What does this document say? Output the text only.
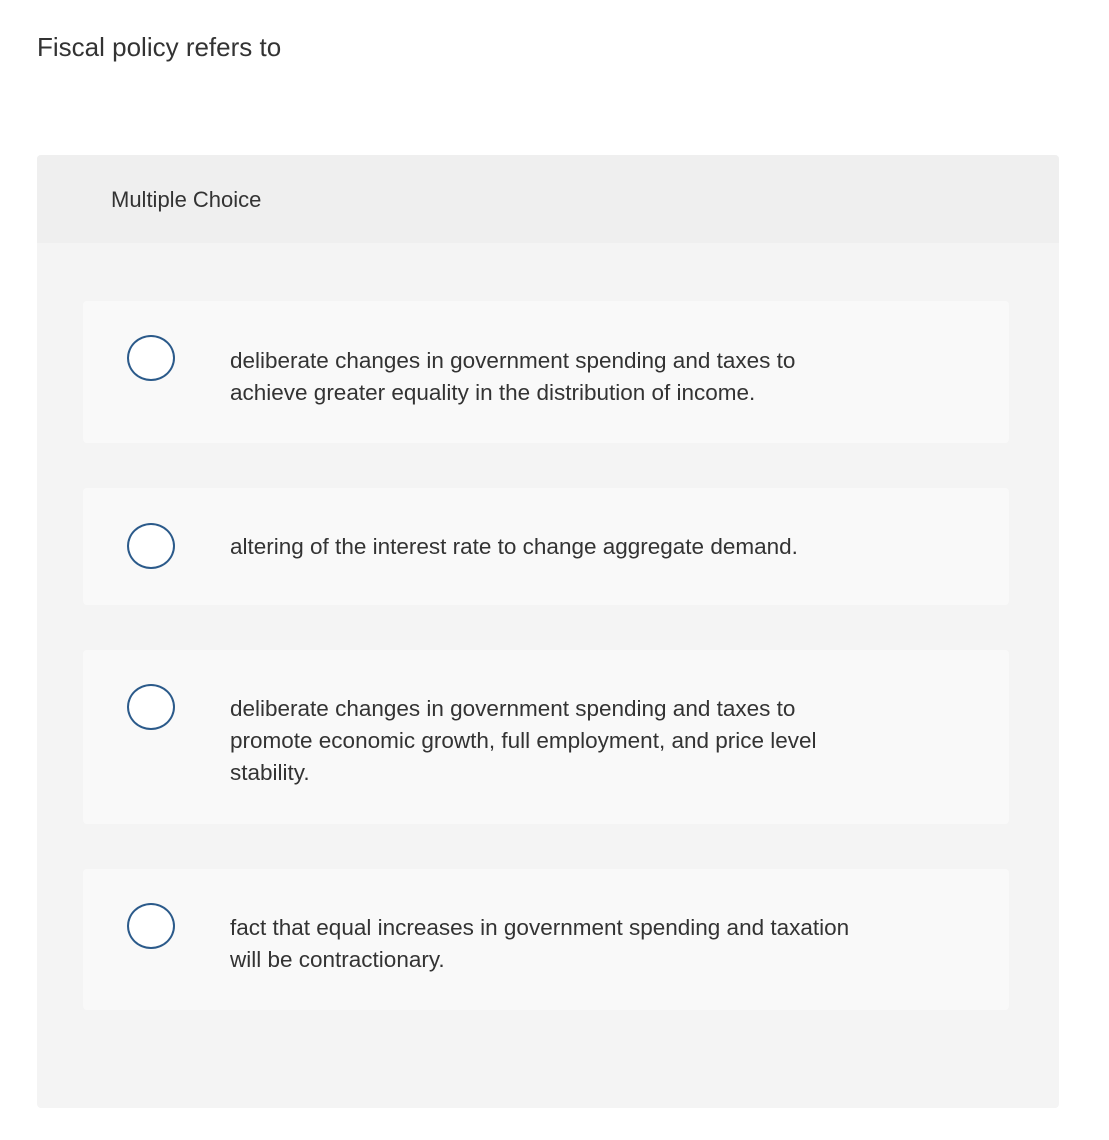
Fiscal policy refers to
Multiple Choice
deliberate changes in government spending and taxes to achieve greater equality in the distribution of income.
altering of the interest rate to change aggregate demand.
deliberate changes in government spending and taxes to promote economic growth, full employment, and price level stability.
fact that equal increases in government spending and taxation will be contractionary.
